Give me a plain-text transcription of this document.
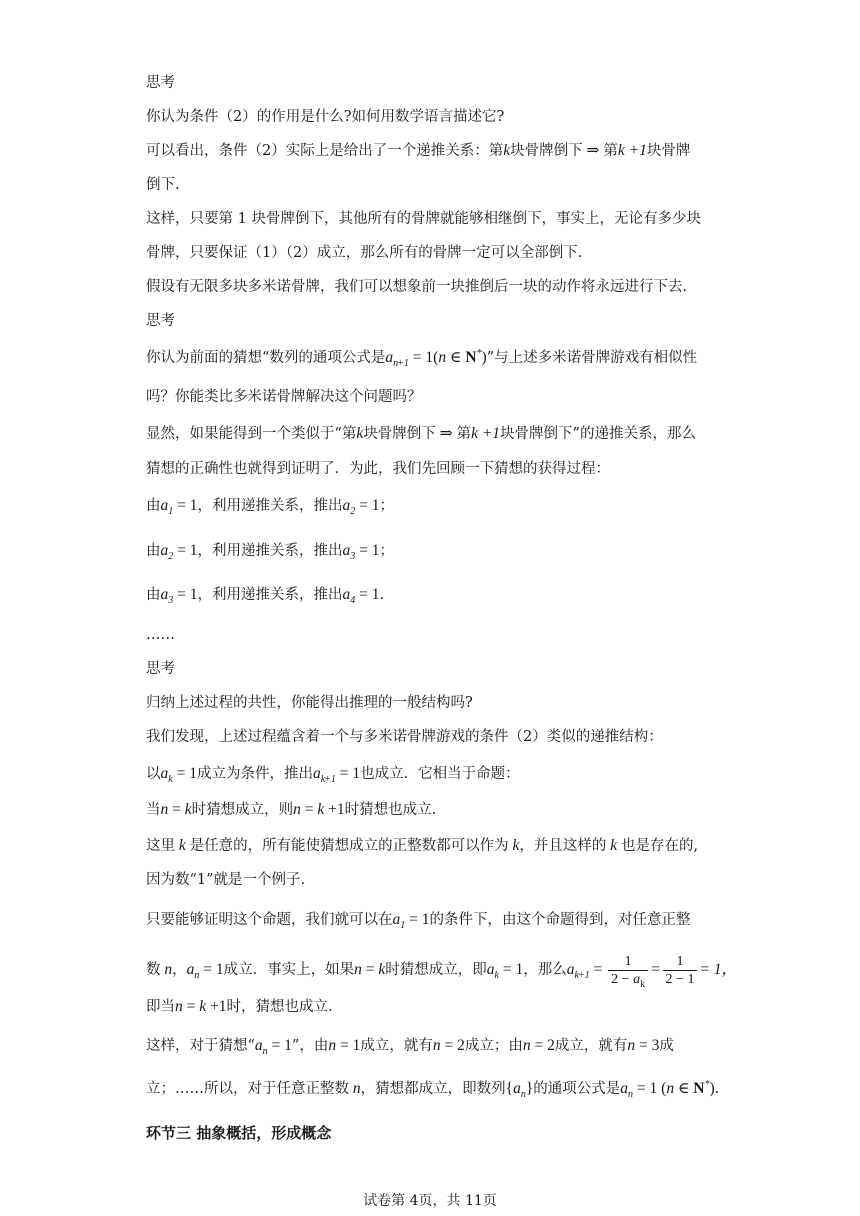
思考
你认为条件（2）的作用是什么?如何用数学语言描述它?
可以看出，条件（2）实际上是给出了一个递推关系：第k块骨牌倒下 ⇒ 第k +1块骨牌
倒下.
这样，只要第 1 块骨牌倒下，其他所有的骨牌就能够相继倒下，事实上，无论有多少块
骨牌，只要保证（1）（2）成立，那么所有的骨牌一定可以全部倒下.
假设有无限多块多米诺骨牌，我们可以想象前一块推倒后一块的动作将永远进行下去.
思考
你认为前面的猜想“数列的通项公式是$a_{n+1} = 1(n$ ∈ N*)”与上述多米诺骨牌游戏有相似性
吗？你能类比多米诺骨牌解决这个问题吗？
显然，如果能得到一个类似于“第k块骨牌倒下 ⇒ 第k +1块骨牌倒下”的递推关系，那么
猜想的正确性也就得到证明了．为此，我们先回顾一下猜想的获得过程：
由$a_1 = 1$，利用递推关系，推出$a_2 = 1$；
由$a_2 = 1$，利用递推关系，推出$a_3 = 1$；
由$a_3 = 1$，利用递推关系，推出$a_4 = 1$.
……
思考
归纳上述过程的共性，你能得出推理的一般结构吗?
我们发现，上述过程蕴含着一个与多米诺骨牌游戏的条件（2）类似的递推结构：
以$a_k = 1$成立为条件，推出$a_{k+1} = 1$也成立．它相当于命题：
当n = k时猜想成立，则n = k +1时猜想也成立.
这里 k 是任意的，所有能使猜想成立的正整数都可以作为 k，并且这样的 k 也是存在的,
因为数“1”就是一个例子.
只要能够证明这个命题，我们就可以在$a_1 = 1$的条件下，由这个命题得到，对任意正整
数 n，$a_n = 1$成立．事实上，如果n = k时猜想成立，即$a_k = 1$，那么$a_{k+1} = \frac{1}{2 - a_k} = \frac{1}{2 - 1} = 1$，
即当n = k +1时，猜想也成立.
这样，对于猜想“$a_n = 1$”，由n = 1成立，就有n = 2成立；由n = 2成立，就有n = 3成
立；……所以，对于任意正整数 n，猜想都成立，即数列$\{a_n\}$的通项公式是$a_n = 1$ (n ∈ N*).
环节三 抽象概括，形成概念
试卷第 4页，共 11页
